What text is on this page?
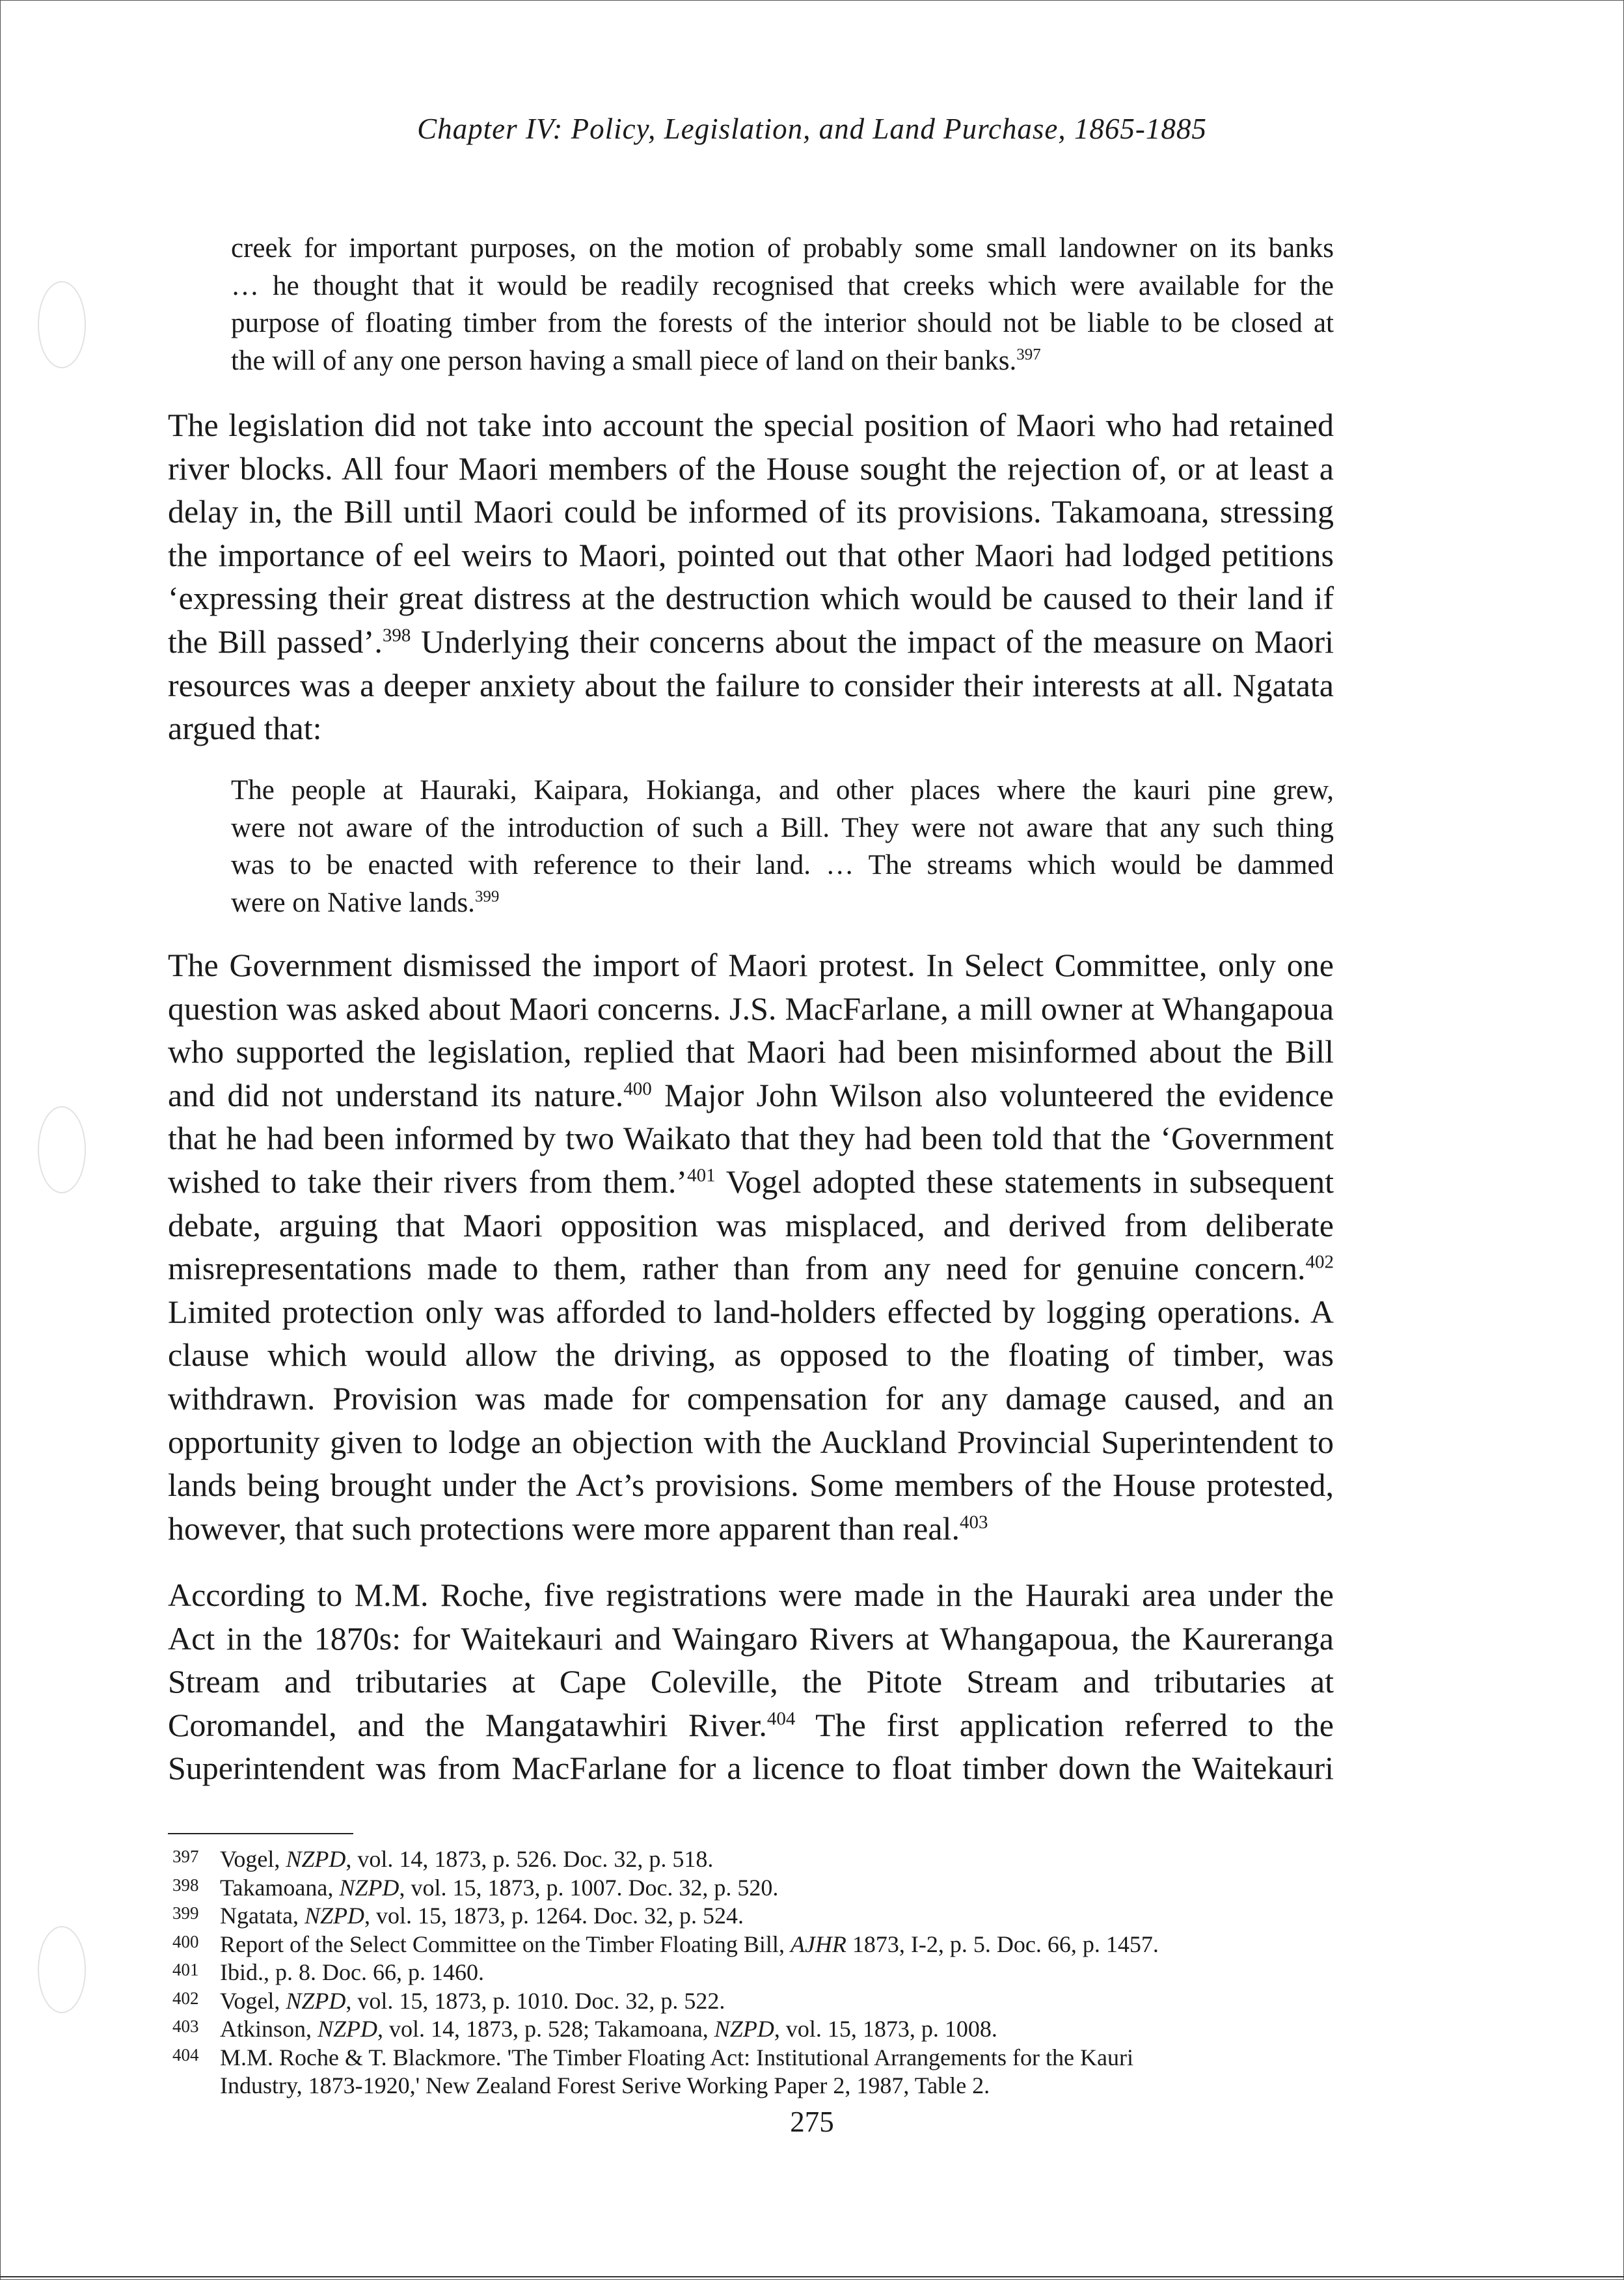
Chapter IV: Policy, Legislation, and Land Purchase, 1865-1885
creek for important purposes, on the motion of probably some small landowner on its banks
… he thought that it would be readily recognised that creeks which were available for the
purpose of floating timber from the forests of the interior should not be liable to be closed at
the will of any one person having a small piece of land on their banks.$^{397}$
The legislation did not take into account the special position of Maori who had retained
river blocks. All four Maori members of the House sought the rejection of, or at least a
delay in, the Bill until Maori could be informed of its provisions. Takamoana, stressing
the importance of eel weirs to Maori, pointed out that other Maori had lodged petitions
‘expressing their great distress at the destruction which would be caused to their land if
the Bill passed’.$^{398}$ Underlying their concerns about the impact of the measure on Maori
resources was a deeper anxiety about the failure to consider their interests at all. Ngatata
argued that:
The people at Hauraki, Kaipara, Hokianga, and other places where the kauri pine grew,
were not aware of the introduction of such a Bill. They were not aware that any such thing
was to be enacted with reference to their land. … The streams which would be dammed
were on Native lands.$^{399}$
The Government dismissed the import of Maori protest. In Select Committee, only one
question was asked about Maori concerns. J.S. MacFarlane, a mill owner at Whangapoua
who supported the legislation, replied that Maori had been misinformed about the Bill
and did not understand its nature.$^{400}$ Major John Wilson also volunteered the evidence
that he had been informed by two Waikato that they had been told that the ‘Government
wished to take their rivers from them.’$^{401}$ Vogel adopted these statements in subsequent
debate, arguing that Maori opposition was misplaced, and derived from deliberate
misrepresentations made to them, rather than from any need for genuine concern.$^{402}$
Limited protection only was afforded to land-holders effected by logging operations. A
clause which would allow the driving, as opposed to the floating of timber, was
withdrawn. Provision was made for compensation for any damage caused, and an
opportunity given to lodge an objection with the Auckland Provincial Superintendent to
lands being brought under the Act’s provisions. Some members of the House protested,
however, that such protections were more apparent than real.$^{403}$
According to M.M. Roche, five registrations were made in the Hauraki area under the
Act in the 1870s: for Waitekauri and Waingaro Rivers at Whangapoua, the Kaureranga
Stream and tributaries at Cape Coleville, the Pitote Stream and tributaries at
Coromandel, and the Mangatawhiri River.$^{404}$ The first application referred to the
Superintendent was from MacFarlane for a licence to float timber down the Waitekauri
397 Vogel, NZPD, vol. 14, 1873, p. 526. Doc. 32, p. 518.
398 Takamoana, NZPD, vol. 15, 1873, p. 1007. Doc. 32, p. 520.
399 Ngatata, NZPD, vol. 15, 1873, p. 1264. Doc. 32, p. 524.
400 Report of the Select Committee on the Timber Floating Bill, AJHR 1873, I-2, p. 5. Doc. 66, p. 1457.
401 Ibid., p. 8. Doc. 66, p. 1460.
402 Vogel, NZPD, vol. 15, 1873, p. 1010. Doc. 32, p. 522.
403 Atkinson, NZPD, vol. 14, 1873, p. 528; Takamoana, NZPD, vol. 15, 1873, p. 1008.
404 M.M. Roche & T. Blackmore. 'The Timber Floating Act: Institutional Arrangements for the Kauri
Industry, 1873-1920,' New Zealand Forest Serive Working Paper 2, 1987, Table 2.
275
